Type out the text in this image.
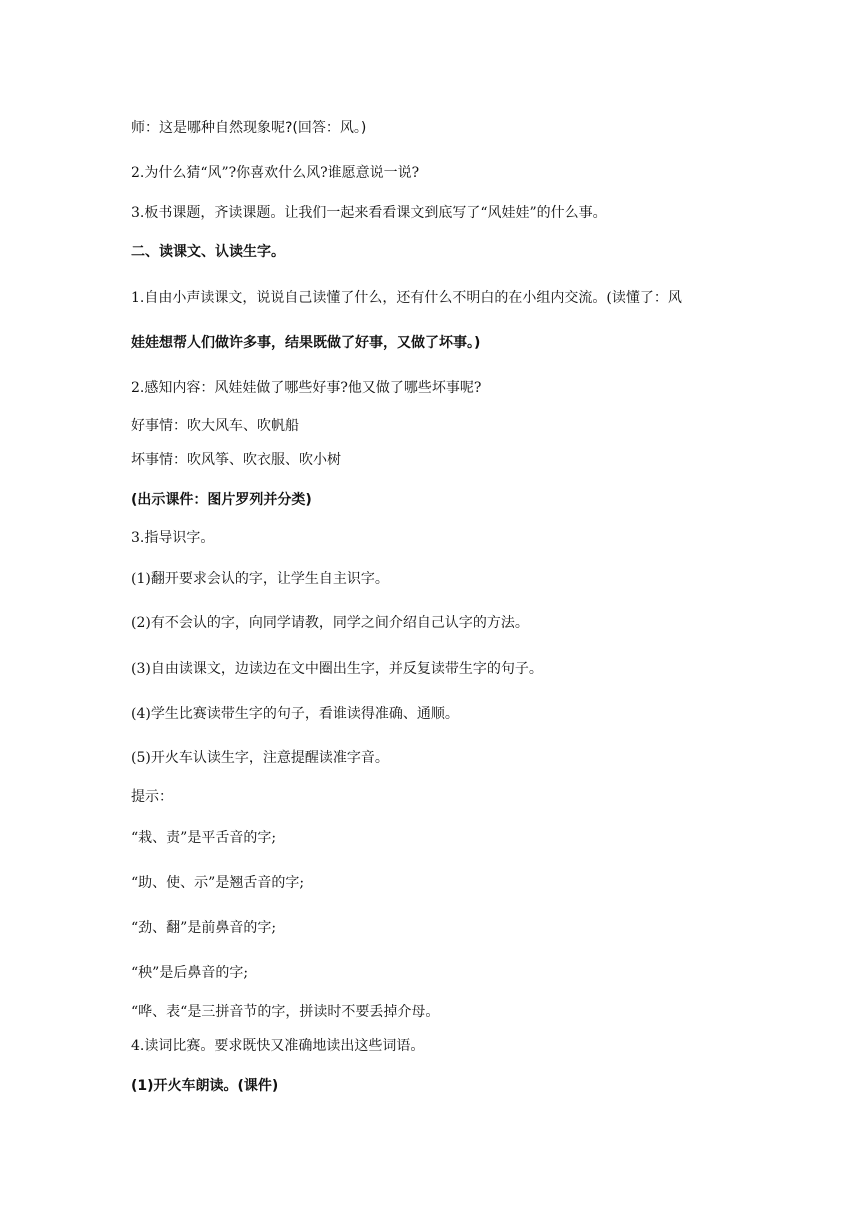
师：这是哪种自然现象呢?(回答：风。)
2.为什么猜“风”?你喜欢什么风?谁愿意说一说?
3.板书课题，齐读课题。让我们一起来看看课文到底写了“风娃娃”的什么事。
二、读课文、认读生字。
1.自由小声读课文，说说自己读懂了什么，还有什么不明白的在小组内交流。(读懂了：风
娃娃想帮人们做许多事，结果既做了好事，又做了坏事。)
2.感知内容：风娃娃做了哪些好事?他又做了哪些坏事呢?
好事情：吹大风车、吹帆船
坏事情：吹风筝、吹衣服、吹小树
(出示课件：图片罗列并分类)
3.指导识字。
(1)翻开要求会认的字，让学生自主识字。
(2)有不会认的字，向同学请教，同学之间介绍自己认字的方法。
(3)自由读课文，边读边在文中圈出生字，并反复读带生字的句子。
(4)学生比赛读带生字的句子，看谁读得准确、通顺。
(5)开火车认读生字，注意提醒读准字音。
提示：
“栽、责”是平舌音的字;
“助、使、示”是翘舌音的字;
“劲、翻”是前鼻音的字;
“秧”是后鼻音的字;
“哗、表“是三拼音节的字，拼读时不要丢掉介母。
4.读词比赛。要求既快又准确地读出这些词语。
(1)开火车朗读。(课件)
